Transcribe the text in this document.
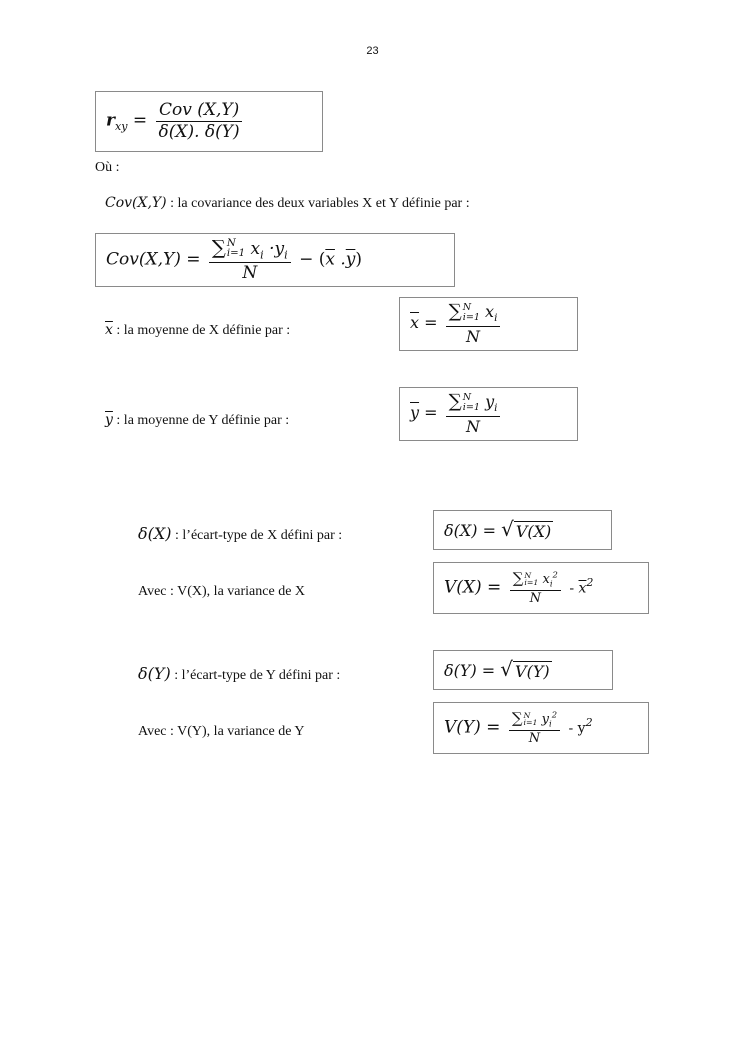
23
$r_{xy} = \frac{\text{Cov (X,Y)}}{\delta(X). \delta(Y)}$
Où :
Cov(X,Y) : la covariance des deux variables X et Y définie par :
Cov(X,Y) = ∑ N
i=1 $x_i \cdot y_i$
$N - (\overline{x}$ $.\overline{y}$)
$\overline{x}$ : la moyenne de X définie par :	$\overline{x}$ = ∑ N
i=1 $x_i$
N
$\overline{y}$ : la moyenne de Y définie par :	$\overline{y}$ = ∑ N
i=1 $y_i$
N
δ(X) : l’écart-type de X défini par :	δ(X) = √ V(X)
Avec : V(X), la variance de X	V(X) = ∑ N
i=1 $x_i^2$
N - $\overline{x}^2$
δ(Y) : l’écart-type de Y défini par :	δ(Y) = √ V(Y)
Avec : V(Y), la variance de Y	V(Y) = ∑ N
i=1 $y_i^2$
N - $y^2$
